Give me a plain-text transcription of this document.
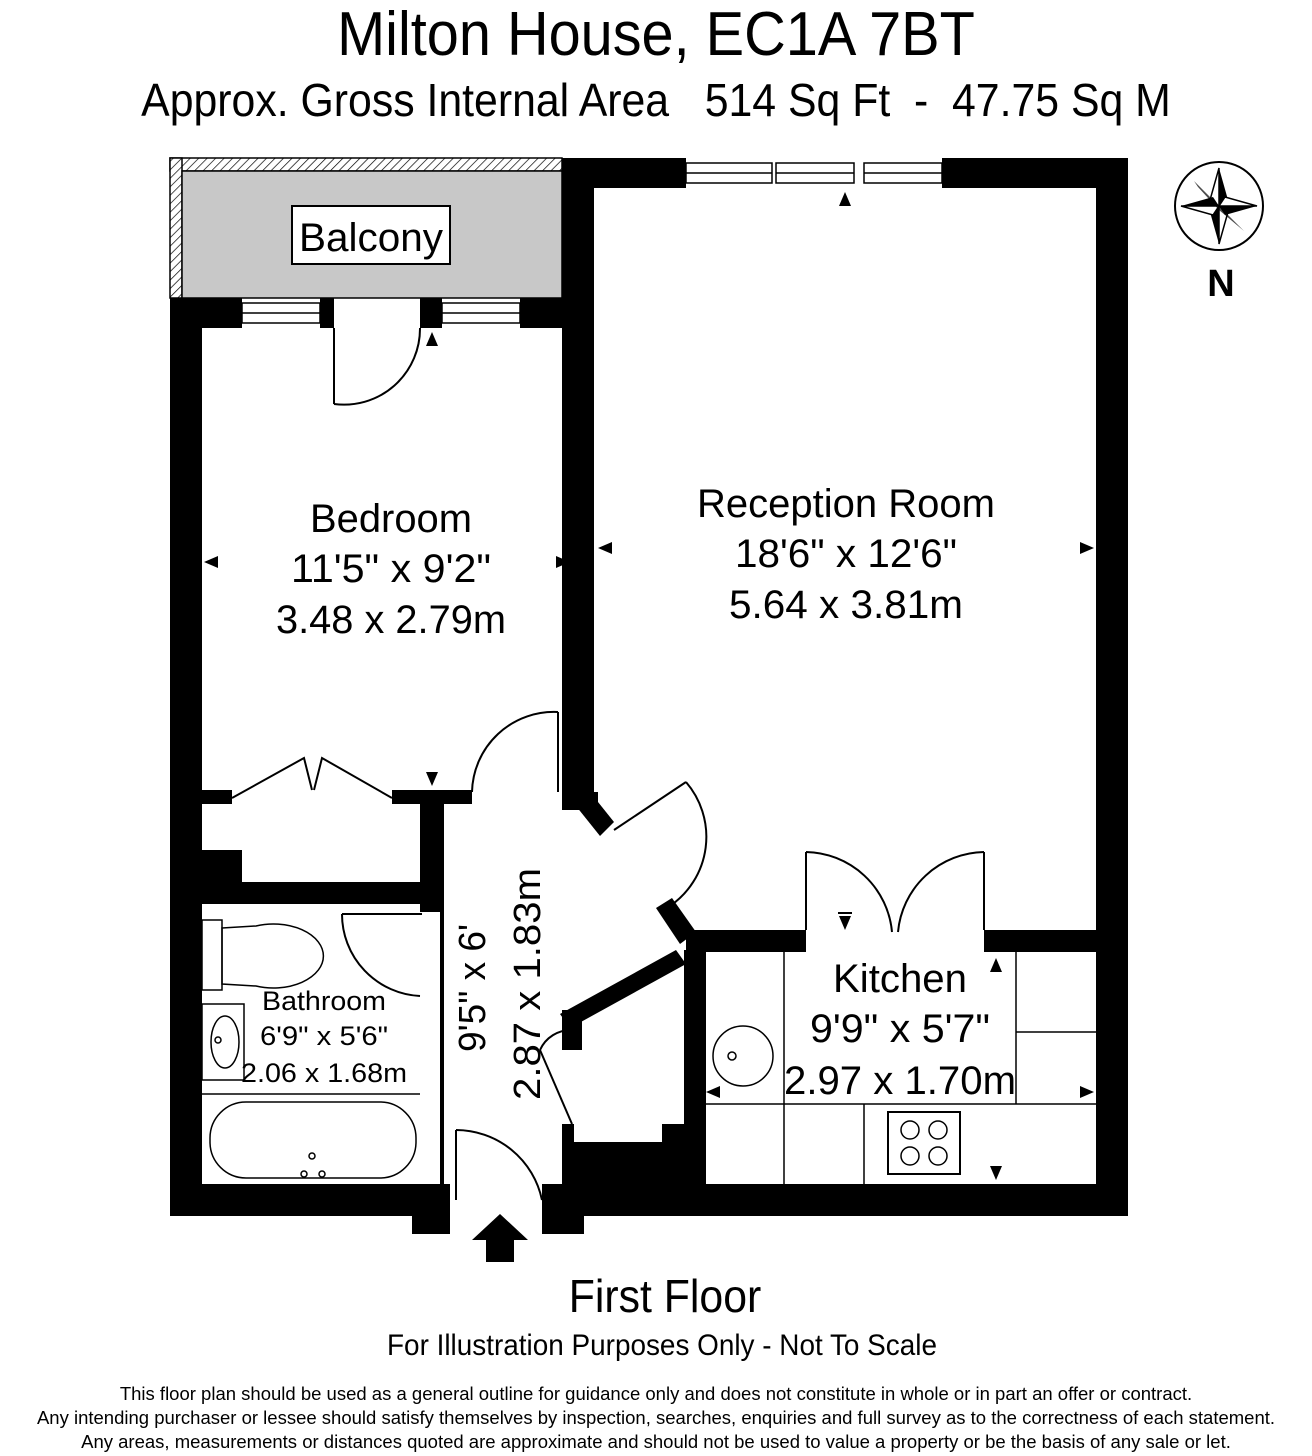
Milton House, EC1A 7BT
Approx. Gross Internal Area   514 Sq Ft  -  47.75 Sq M
Balcony
N
Bedroom
11'5" x 9'2"
3.48 x 2.79m
Reception Room
18'6" x 12'6"
5.64 x 3.81m
9'5" x 6' 2.87 x 1.83m
Bathroom
6'9" x 5'6"
2.06 x 1.68m
Kitchen
9'9" x 5'7"
2.97 x 1.70m
First Floor
For Illustration Purposes Only - Not To Scale
This floor plan should be used as a general outline for guidance only and does not constitute in whole or in part an offer or contract.
Any intending purchaser or lessee should satisfy themselves by inspection, searches, enquiries and full survey as to the correctness of each statement.
Any areas, measurements or distances quoted are approximate and should not be used to value a property or be the basis of any sale or let.
